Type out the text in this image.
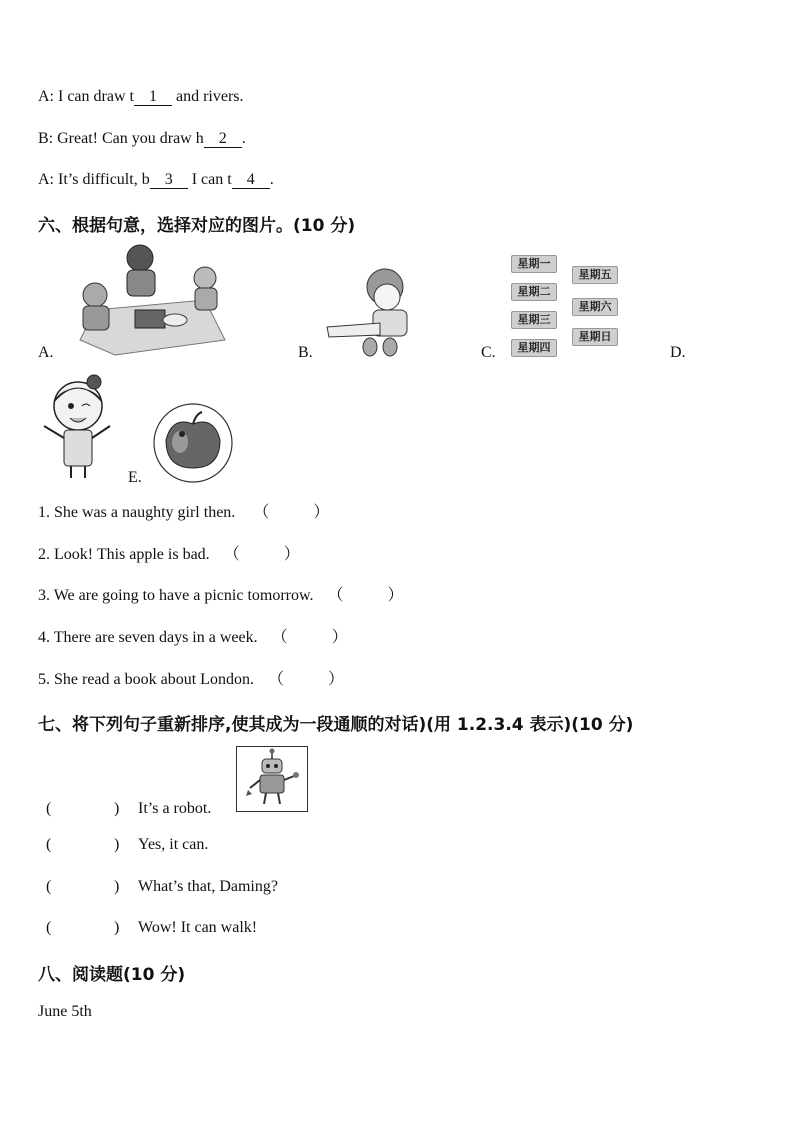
A: I can draw t 1 and rivers.
B: Great! Can you draw h 2 .
A: It’s difficult, b 3 I can t 4 .
六、根据句意，选择对应的图片。(10 分)
A.	B.
星期一
星期二
星期三
星期四
星期五
星期六
星期日
C.	D.
E.
1. She was a naughty girl then. （	）
2. Look! This apple is bad. （	）
3. We are going to have a picnic tomorrow. （	）
4. There are seven days in a week. （	）
5. She read a book about London. （	）
七、将下列句子重新排序,使其成为一段通顺的对话)(用 1.2.3.4 表示)(10 分)
(	) It’s a robot.
(	) Yes, it can.
(	) What’s that, Daming?
(	) Wow! It can walk!
八、阅读题(10 分)
June 5th
